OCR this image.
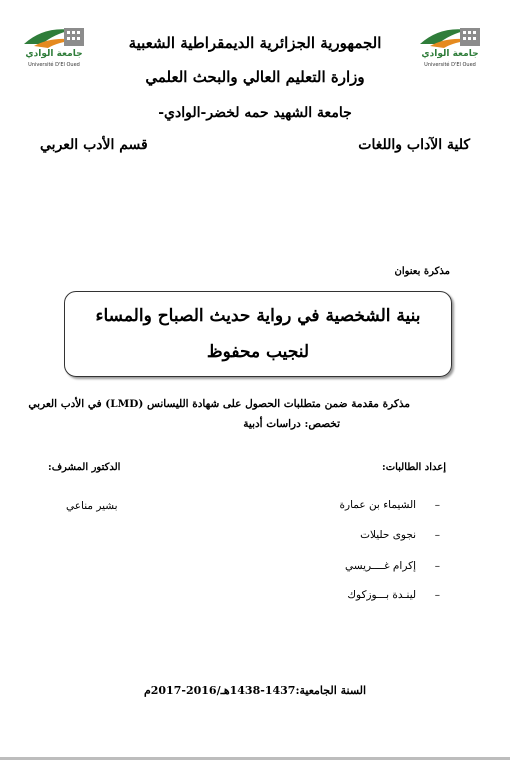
جامعة الوادي
Université D'El Oued
جامعة الوادي
Université D'El Oued
الجمهورية الجزائرية الديمقراطية الشعبية
وزارة التعليم العالي والبحث العلمي
جامعة الشهيد حمه لخضر-الوادي-
كلية الآداب واللغات
قسم الأدب العربي
مذكرة بعنوان
بنية الشخصية في رواية حديث الصباح والمساء
لنجيب محفوظ
مذكرة مقدمة ضمن متطلبات الحصول على شهادة الليسانس (LMD) في الأدب العربي
تخصص: دراسات أدبية
إعداد الطالبات:
الدكتور المشرف:
–  الشيماء بن عمارة
–  نجوى حليلات
–  إكرام غــــريسي
–  لينـدة بـــوزكوك
بشير مناعي
السنة الجامعية:1437-1438هـ/2016-2017م
